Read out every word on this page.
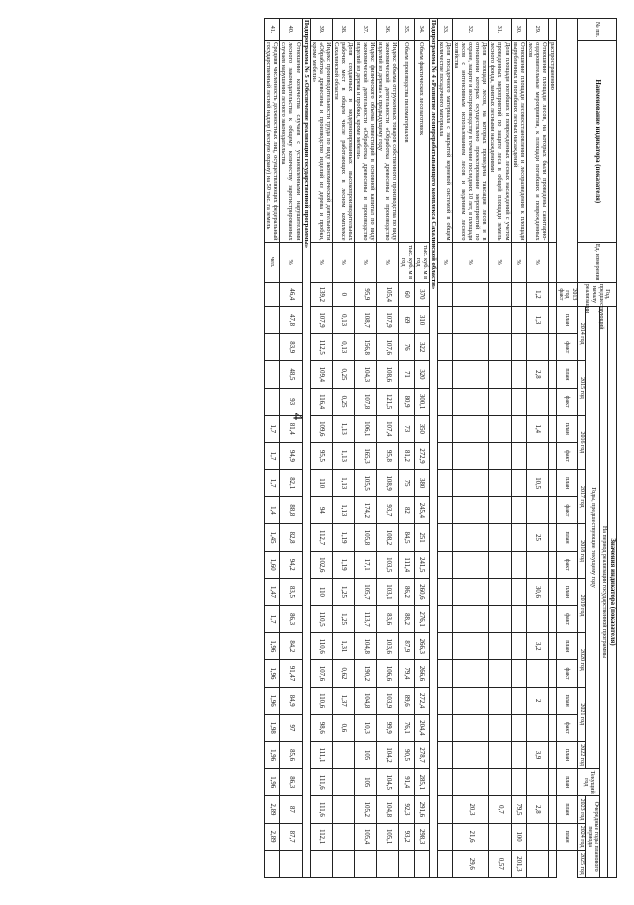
4
№ пп.	Наименование индикатора (показателя)	Ед. измерения	Год, предшествующий началу реализации	Значения индикатора (показателя)																				
				На период реализации государственной программы																				
				Годы, предшествующие текущему году																	Текущий год	Очередные годы планового периода		
				2014 год		2015 год		2016 год		2017 год		2018 год		2019 год		2020 год		2021 год		2022 год		2023 год	2024 год	2025 год
			2013 год факт	план	факт	план	факт	план	факт	план	факт	план	факт	план	факт	план	факт	план	факт	план	план	план	план	
	распространению																							
29.	Отношение площади лесов, на которых были проведены санитарно-оздоровительные мероприятия, к площади погибших и поврежденных лесов	%	1,2	1,3		2,8		1,4		10,5		25		30,6		3,2		2		3,9		2,8		
30.	Отношение площади лесовосстановления и лесоразведения к площади вырубленных и погибших лесных насаждений	%																				79,5	100	201,3
31.	Доля площади погибших и поврежденных лесных насаждений с учетом проведенных мероприятий по защите леса в общей площади земель лесного фонда, занятых лесными насаждениями	%																				0,7		0,57
32.	Доля площади лесов, на которых проведена таксация лесов и в отношении которых осуществлено проектирование мероприятий по охране, защите и воспроизводству в течение последних 10 лет, в площади лесов с интенсивным использованием лесов и ведением лесного хозяйства	%																				20,3	21,6	29,6
33.	Доля посадочного материала с закрытой корневой системой в общем количестве посадочного материала	%																						
Подпрограмма № 4 «Развитие лесоперерабатывающего комплекса Сахалинской области»																								
34.	Объем фактических лесозаготовок	тыс. куб. м в год	370	310	322	320	300,1	350	272,9	380	245,4	251	241,5	260,6	276,1	266,3	266,6	272,4	204,4	278,7	285,1	291,6	298,3	
35.	Объем производства пиломатериалов	тыс. куб. м в год	60	69	76	71	80,9	73	81,2	75	82	84,5	111,4	86,2	88,2	87,9	79,4	89,6	76,1	90,5	91,4	92,3	93,2	
36.	Индекс объема отгруженных товаров собственного производства по виду экономической деятельности «Обработка древесины и производство изделий из дерева» к предыдущему году	%	105,4	107,9	107,6	108,6	121,5	107,4	95,8	108,9	93,7	108,2	103,5	103,1	83,6	103,6	106,6	103,9	99,9	104,2	104,5	104,8	105,1	
37.	Индекс физического объема инвестиций в основной капитал по виду экономической деятельности «Обработка древесины и производство изделий из дерева и пробки, кроме мебели»	%	95,9	108,7	156,8	104,3	107,8	106,1	165,3	105,5	174,2	105,8	17,1	105,7	113,7	104,8	190,2	104,8	10,3	105	105	105,2	105,4	
38.	Доля созданных и модернизированных высокопроизводительных рабочих мест в общем числе работающих в лесном комплексе Сахалинской области	%	0	0,13	0,13	0,25	0,25	1,13	1,13	1,13	1,13	1,19	1,19	1,25	1,25	1,31	0,62	1,37	0,6					
39.	Индекс производительности труда по виду экономической деятельности «Обработка древесины и производство изделий из дерева и пробки, кроме мебели»	%	139,2	107,9	112,5	109,4	116,4	109,6	95,5	110	94	112,7	102,6	110	110,5	110,6	107,6	110,6	98,6	111,1	111,6	111,6	112,1	
Подпрограмма № 5 «Обеспечение реализации государственной программы»																								
40.	Отношение количества случаев с установленными нарушителями лесного законодательства к общему количеству зарегистрированных случаев нарушения лесного законодательства	%	46,4	47,8	83,9	48,5	93	81,4	94,9	82,1	88,8	82,8	94,2	83,5	86,3	84,2	91,47	84,9	97	85,6	86,3	87	87,7	
41.	Средняя численность должностных лиц, осуществляющих федеральный государственный лесной надзор (лесную охрану) на 50 тыс. га земель	чел.						1,7	1,7	1,7	1,4	1,45	1,60	1,47	1,7	1,96	1,96	1,96	1,98	1,96	1,96	2,89	2,89	
